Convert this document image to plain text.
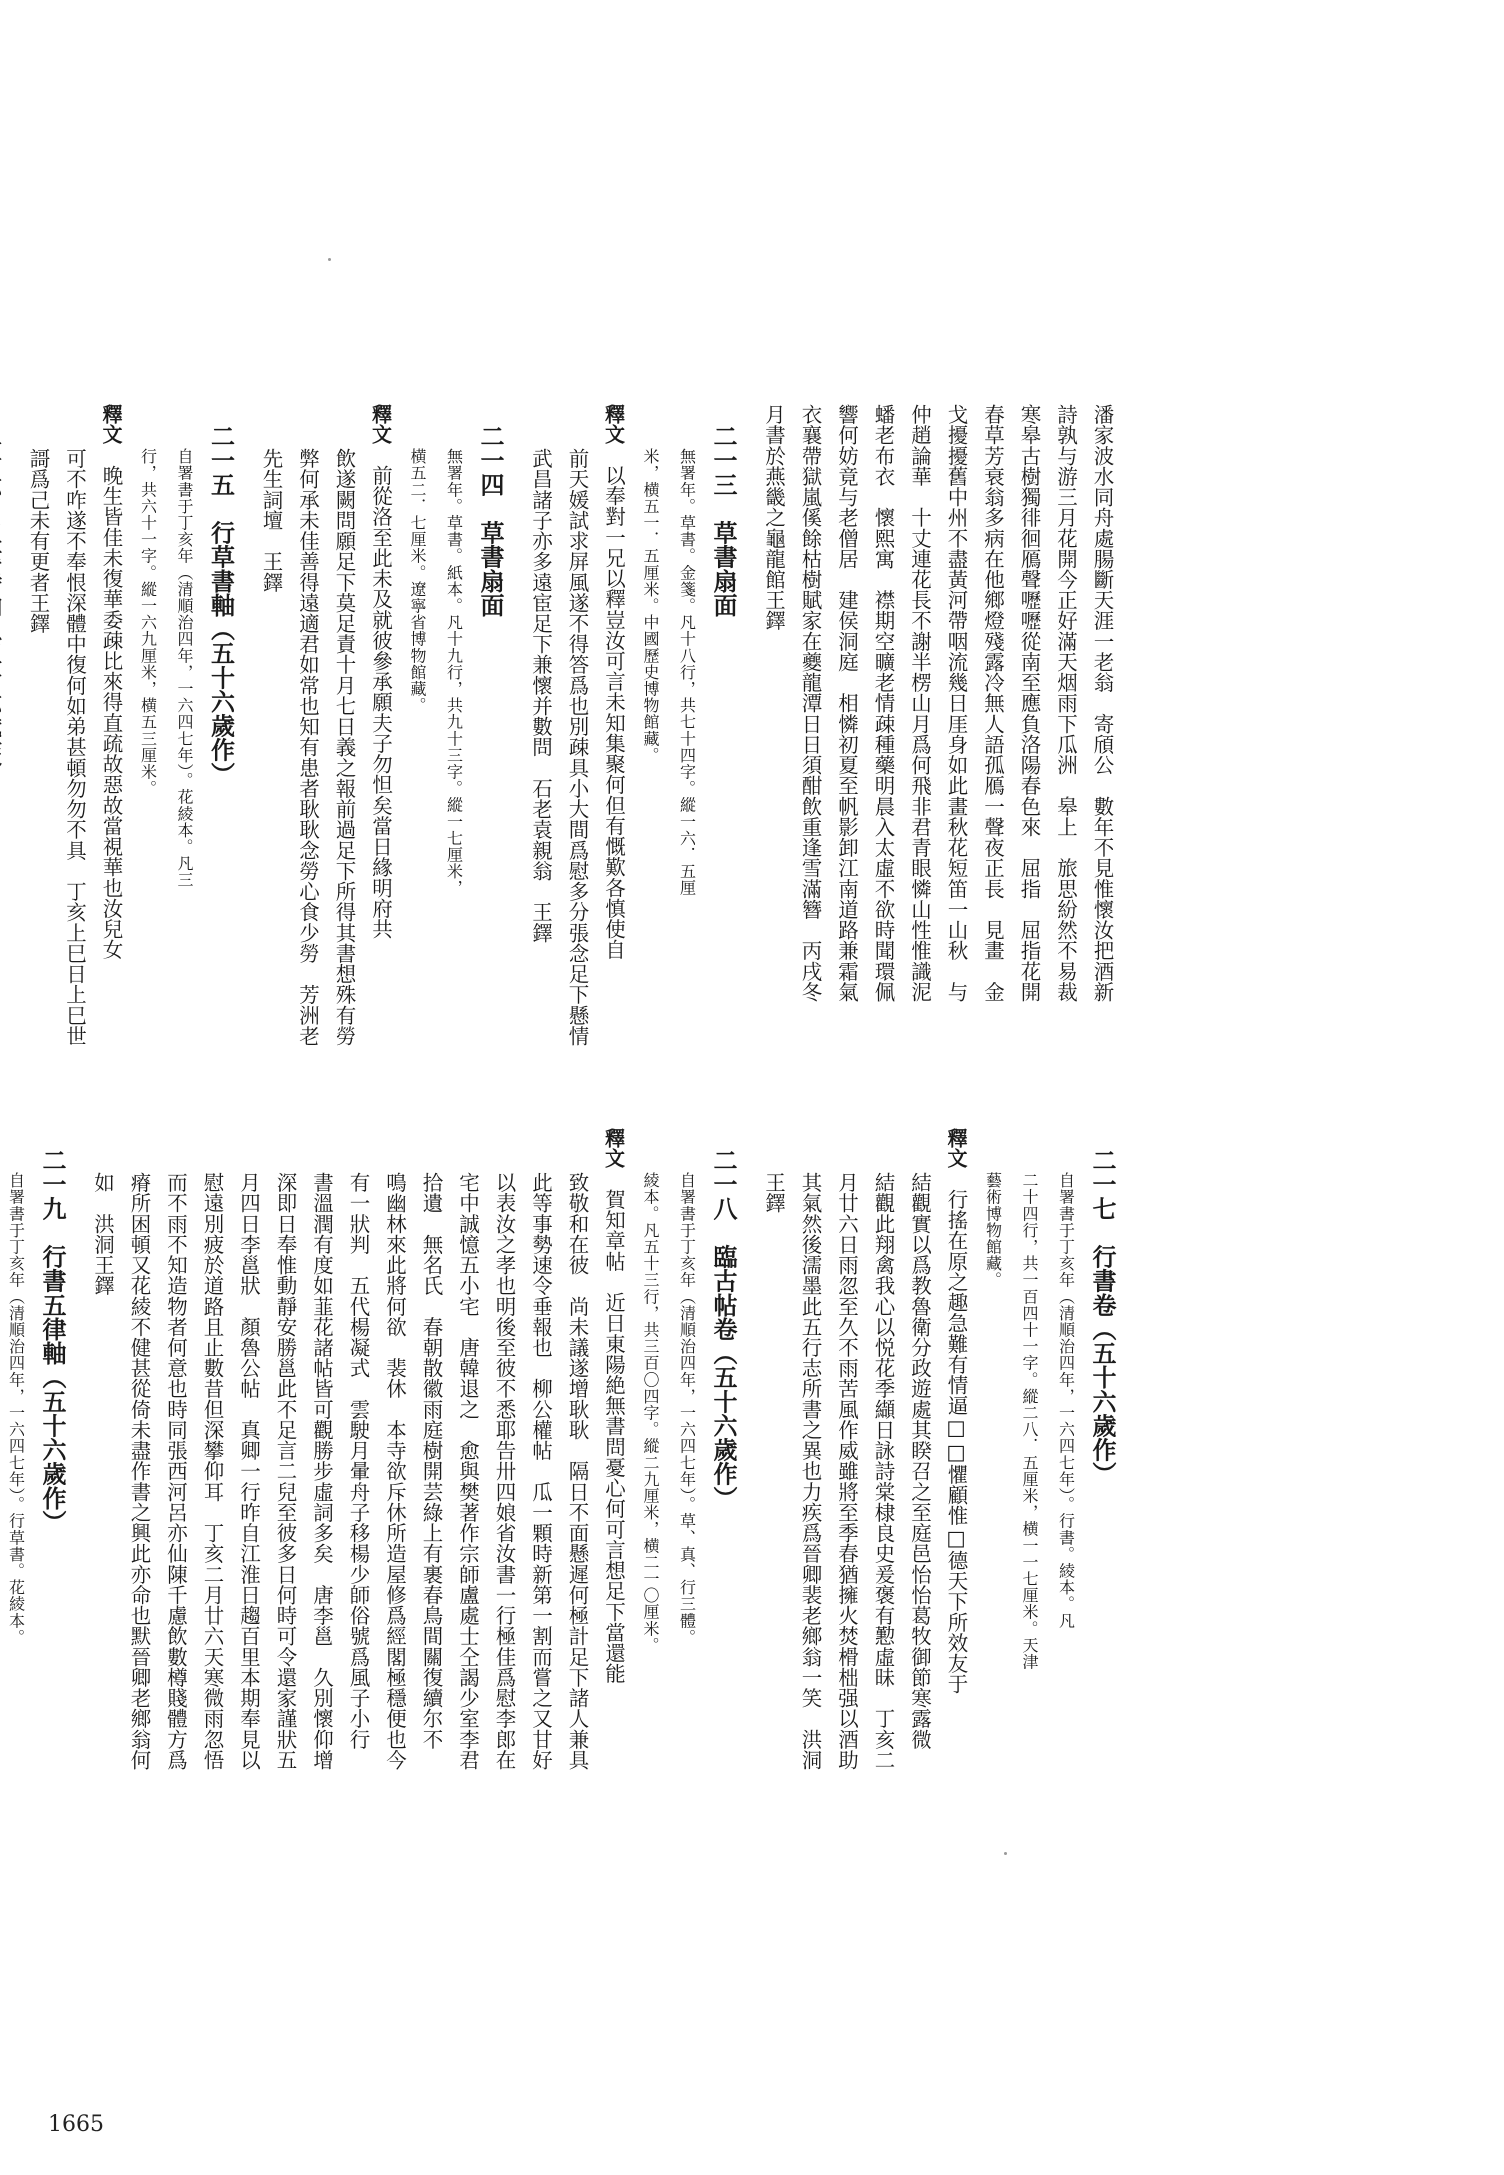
潘家波水同舟處腸斷天涯一老翁　寄頎公　數年不見惟懷汝把酒新
詩孰与游三月花開今正好滿天烟雨下瓜洲　皋上　旅思紛然不易裁
寒皋古樹獨徘徊鴈聲嚦嚦從南至應負洛陽春色來　屈指　屈指花開
春草芳衰翁多病在他鄉燈殘露冷無人語孤鴈一聲夜正長　見畫　金
戈擾擾舊中州不盡黃河帶咽流幾日厓身如此畫秋花短笛一山秋　与
仲趙論華　十丈連花長不謝半楞山月爲何飛非君青眼憐山性惟識泥
蟠老布衣　懷熙寓　襟期空曠老情疎種藥明晨入太虛不欲時聞環佩
響何妨竟与老僧居　建侯洞庭　相憐初夏至帆影卸江南道路兼霜氣
衣襄帶獄嵐傒餘枯樹賦家在夔龍潭日日須酣飲重逢雪滿簪　丙戌冬
月書於燕畿之龜龍館王鐸
二一三　草書扇面
無署年。草書。金箋。凡十八行，共七十四字。縱一六．五厘
米，横五一．五厘米。中國歷史博物館藏。
釋文　以奉對一兄以釋豈汝可言未知集聚何但有慨歎各慎使自
前天媛試求屏風遂不得答爲也別疎具小大間爲慰多分張念足下懸情
武昌諸子亦多遠宦足下兼懷并數問　石老袁親翁　王鐸
二一四　草書扇面
無署年。草書。紙本。凡十九行，共九十三字。縱一七厘米，
横五二．七厘米。遼寧省博物館藏。
釋文　前從洛至此未及就彼參承願夫子勿怛矣當日緣明府共
飲遂闕問願足下莫足責十月七日義之報前過足下所得其書想殊有勞
弊何承未佳善得遠適君如常也知有患者耿耿念勞心食少勞　芳洲老
先生詞壇　王鐸
二一五　行草書軸（五十六歲作）
自署書于丁亥年（清順治四年，一六四七年）。花綾本。凡三
行，共六十一字。縱一六九厘米，横五三厘米。
釋文　晚生皆佳未復華委疎比來得直疏故惡故當視華也汝兒女
可不咋遂不奉恨深體中復何如弟甚頓勿勿不具　丁亥上巳日上巳世
謌爲己未有更者王鐸

二一七　行書卷（五十六歲作）
自署書于丁亥年（清順治四年，一六四七年）。行書。綾本。凡
二十四行，共一百四十一字。縱二八．五厘米，横一一七厘米。天津
藝術博物館藏。
釋文　行搖在原之趣急難有情逼□□懼顧惟□德天下所效友于
結觀實以爲教魯衛分政遊處其睽召之至庭邑怡怡葛牧御節寒露微
結觀此翔禽我心以悦花季纈日詠詩棠棣良史爰褒有懃虛昧　丁亥二
月廿六日雨忽至久不雨苦風作威雖將至季春猶擁火焚榾柮强以酒助
其氣然後濡墨此五行志所書之異也力疾爲晉卿裴老鄉翁一笑　洪洞
王鐸
二一八　臨古帖卷（五十六歲作）
自署書于丁亥年（清順治四年，一六四七年）。草、真、行三體。
綾本。凡五十三行，共三百〇四字。縱二九厘米，横二一〇厘米。
釋文　賀知章帖　近日東陽絶無書問憂心何可言想足下當還能
致敬和在彼　尚未議遂增耿耿　隔日不面懸遲何極計足下諸人兼具
此等事勢速令垂報也　柳公權帖　瓜一顆時新第一割而嘗之又甘好
以表汝之孝也明後至彼不悉耶告卅四娘省汝書一行極佳爲慰李郎在
宅中誠憶五小宅　唐韓退之　愈與樊著作宗師盧處士仝謁少室李君
拾遺　無名氏　春朝散徽雨庭樹開芸綠上有裹春鳥間關復續尔不
鳴幽林來此將何欲　裴休　本寺欲斥休所造屋修爲經閣極穩便也今
有一狀判　五代楊凝式　雲駛月暈舟子移楊少師俗號爲風子小行
書溫潤有度如韮花諸帖皆可觀勝步虛詞多矣　唐李邕　久別懷仰增
深即日奉惟動靜安勝邕此不足言二兒至彼多日何時可令還家謹狀五
月四日李邕狀　顏魯公帖　真卿一行昨自江淮日趨百里本期奉見以
慰遠別疲於道路且止數昔但深攀仰耳　丁亥二月廿六天寒微雨忽悟
而不雨不知造物者何意也時同張西河呂亦仙陳千慮飲數樽賤體方爲
瘠所困頓又花綾不健甚從倚未盡作書之興此亦命也默晉卿老鄉翁何
如　洪洞王鐸
二一九　行書五律軸（五十六歲作）
自署書于丁亥年（清順治四年，一六四七年）。行草書。花綾本。

1665
